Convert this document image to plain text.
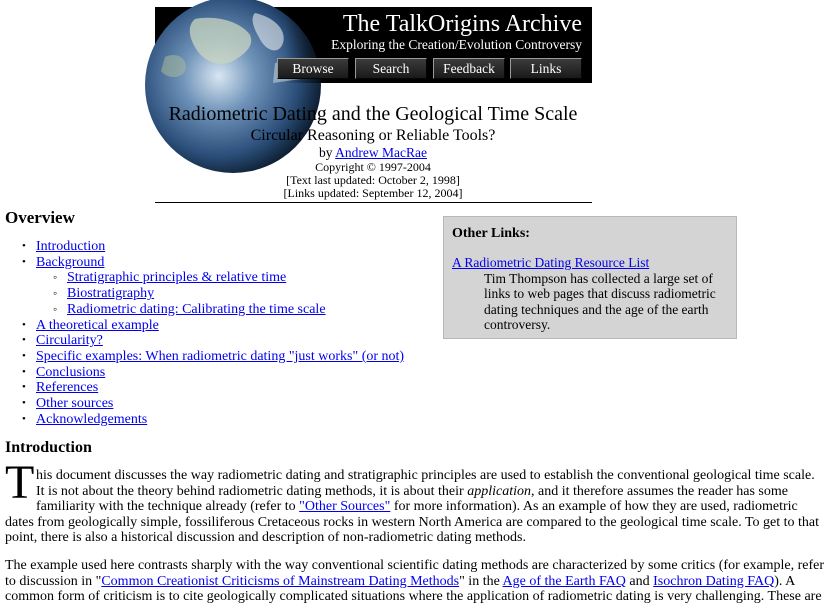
The TalkOrigins Archive
Exploring the Creation/Evolution Controversy
Browse	Search	Feedback	Links
Radiometric Dating and the Geological Time Scale
Circular Reasoning or Reliable Tools?
by Andrew MacRae
Copyright © 1997-2004
[Text last updated: October 2, 1998]
[Links updated: September 12, 2004]
Overview
• Introduction
• Background
◦ Stratigraphic principles & relative time
◦ Biostratigraphy
◦ Radiometric dating: Calibrating the time scale
• A theoretical example
• Circularity?
• Specific examples: When radiometric dating "just works" (or not)
• Conclusions
• References
• Other sources
• Acknowledgements
Other Links:
A Radiometric Dating Resource List
Tim Thompson has collected a large set of links to web pages that discuss radiometric dating techniques and the age of the earth controversy.
Introduction
T his document discusses the way radiometric dating and stratigraphic principles are used to establish the conventional geological time scale.
It is not about the theory behind radiometric dating methods, it is about their application, and it therefore assumes the reader has some
familiarity with the technique already (refer to "Other Sources" for more information). As an example of how they are used, radiometric
dates from geologically simple, fossiliferous Cretaceous rocks in western North America are compared to the geological time scale. To get to that
point, there is also a historical discussion and description of non-radiometric dating methods.

The example used here contrasts sharply with the way conventional scientific dating methods are characterized by some critics (for example, refer
to discussion in "Common Creationist Criticisms of Mainstream Dating Methods" in the Age of the Earth FAQ and Isochron Dating FAQ). A
common form of criticism is to cite geologically complicated situations where the application of radiometric dating is very challenging. These are
